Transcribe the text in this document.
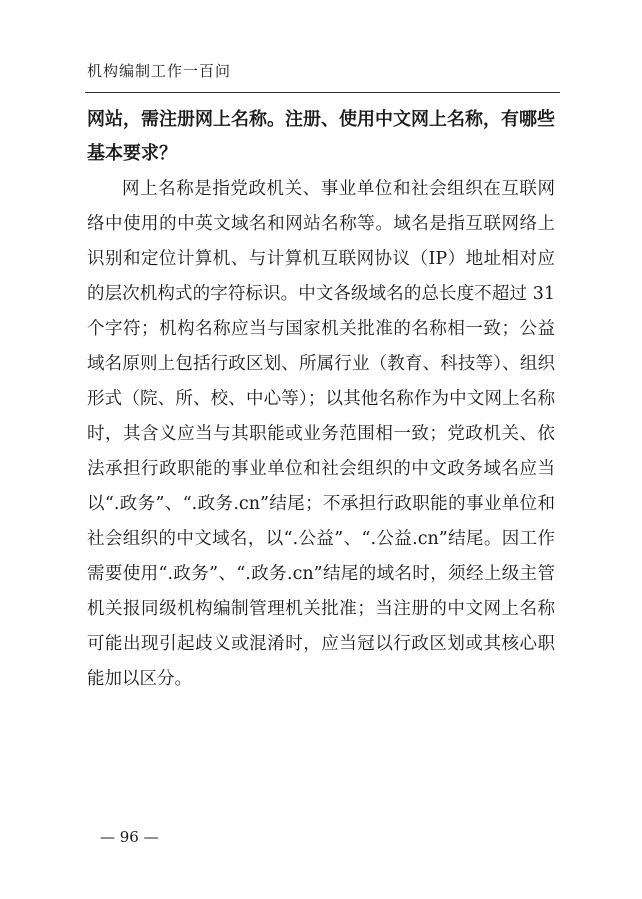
机构编制工作一百问
网站，需注册网上名称。注册、使用中文网上名称，有哪些基本要求？

网上名称是指党政机关、事业单位和社会组织在互联网络中使用的中英文域名和网站名称等。域名是指互联网络上识别和定位计算机、与计算机互联网协议（IP）地址相对应的层次机构式的字符标识。中文各级域名的总长度不超过 31 个字符；机构名称应当与国家机关批准的名称相一致；公益域名原则上包括行政区划、所属行业（教育、科技等）、组织形式（院、所、校、中心等）；以其他名称作为中文网上名称时，其含义应当与其职能或业务范围相一致；党政机关、依法承担行政职能的事业单位和社会组织的中文政务域名应当以“.政务”、“.政务.cn”结尾；不承担行政职能的事业单位和社会组织的中文域名，以“.公益”、“.公益.cn”结尾。因工作需要使用“.政务”、“.政务.cn”结尾的域名时，须经上级主管机关报同级机构编制管理机关批准；当注册的中文网上名称可能出现引起歧义或混淆时，应当冠以行政区划或其核心职能加以区分。

— 96 —
